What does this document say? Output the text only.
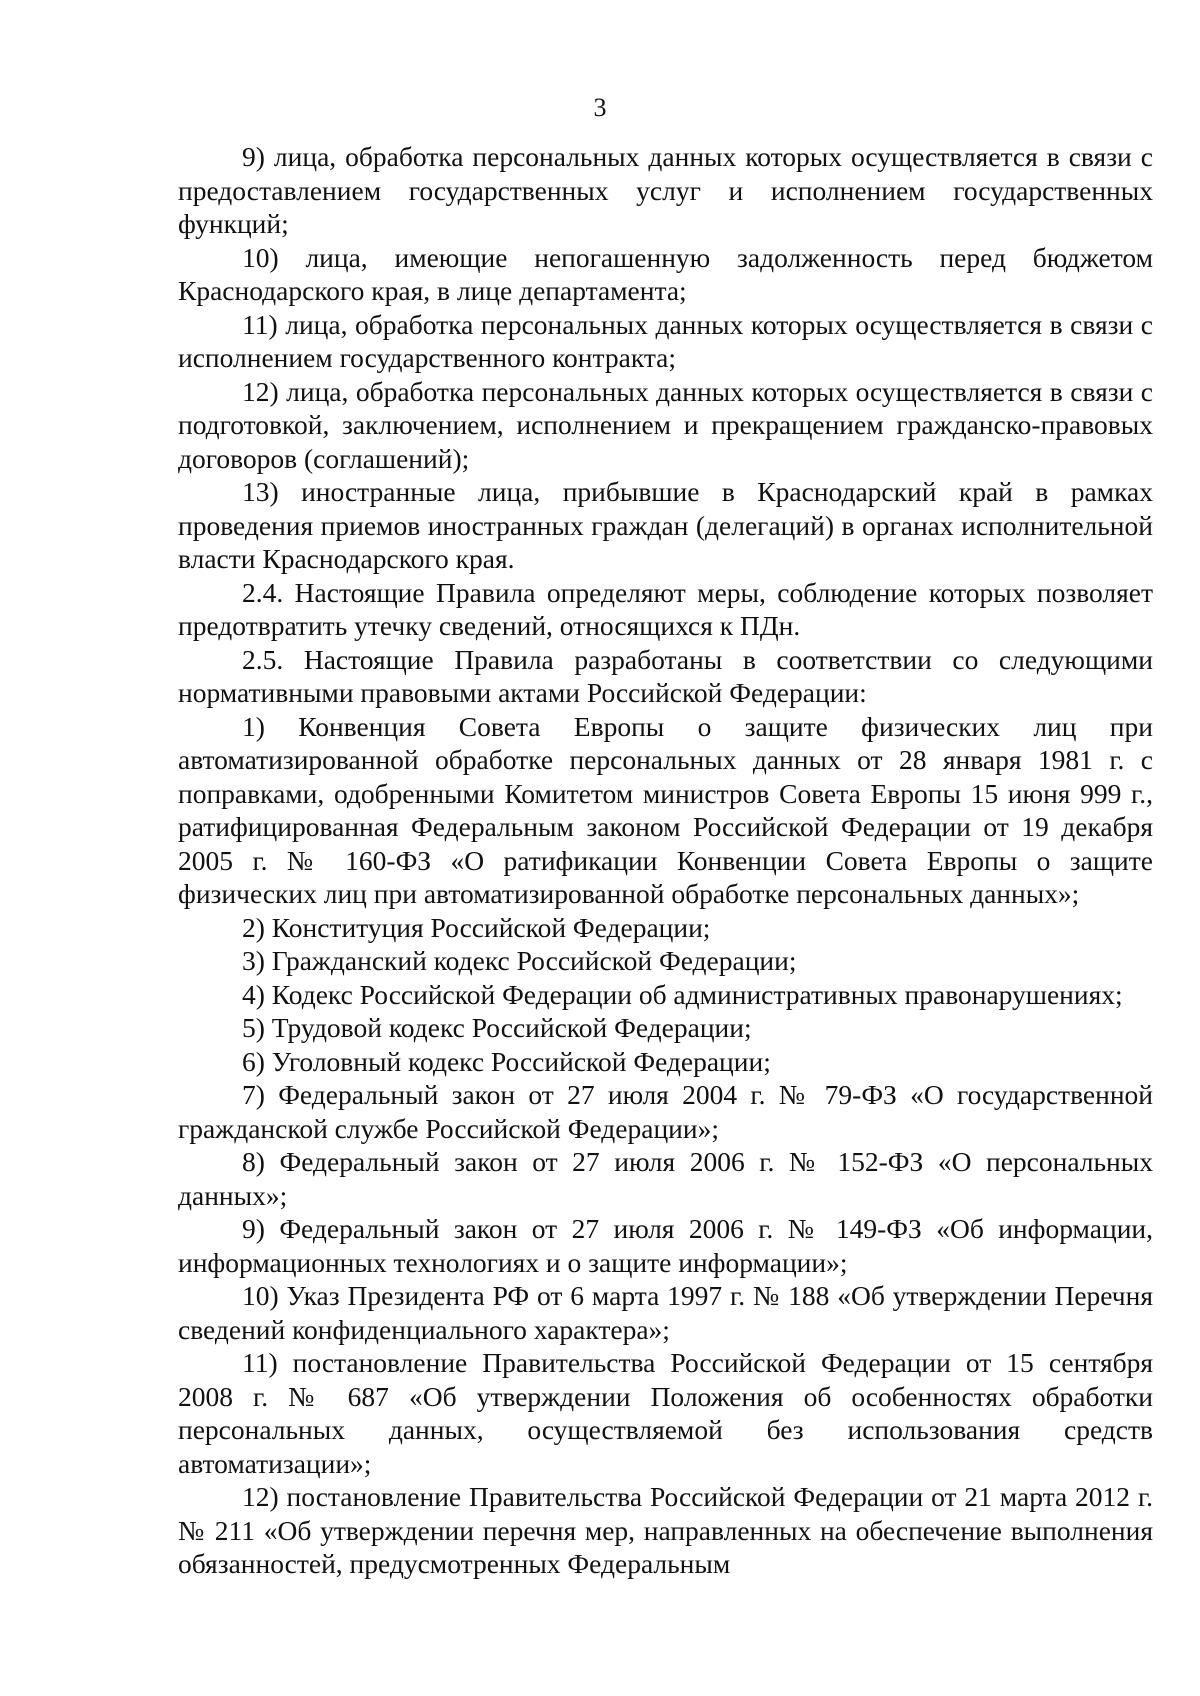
3

9) лица, обработка персональных данных которых осуществляется в связи с предоставлением государственных услуг и исполнением государственных функций;

10) лица, имеющие непогашенную задолженность перед бюджетом Краснодарского края, в лице департамента;

11) лица, обработка персональных данных которых осуществляется в связи с исполнением государственного контракта;

12) лица, обработка персональных данных которых осуществляется в связи с подготовкой, заключением, исполнением и прекращением гражданско-правовых договоров (соглашений);

13) иностранные лица, прибывшие в Краснодарский край в рамках проведения приемов иностранных граждан (делегаций) в органах исполнительной власти Краснодарского края.

2.4. Настоящие Правила определяют меры, соблюдение которых позволяет предотвратить утечку сведений, относящихся к ПДн.

2.5. Настоящие Правила разработаны в соответствии со следующими нормативными правовыми актами Российской Федерации:

1) Конвенция Совета Европы о защите физических лиц при автоматизированной обработке персональных данных от 28 января 1981 г. с поправками, одобренными Комитетом министров Совета Европы 15 июня 999 г., ратифицированная Федеральным законом Российской Федерации от 19 декабря 2005 г. № 160-ФЗ «О ратификации Конвенции Совета Европы о защите физических лиц при автоматизированной обработке персональных данных»;

2) Конституция Российской Федерации;

3) Гражданский кодекс Российской Федерации;

4) Кодекс Российской Федерации об административных правонарушениях;

5) Трудовой кодекс Российской Федерации;

6) Уголовный кодекс Российской Федерации;

7) Федеральный закон от 27 июля 2004 г. № 79-ФЗ «О государственной гражданской службе Российской Федерации»;

8) Федеральный закон от 27 июля 2006 г. № 152-ФЗ «О персональных данных»;

9) Федеральный закон от 27 июля 2006 г. № 149-ФЗ «Об информации, информационных технологиях и о защите информации»;

10) Указ Президента РФ от 6 марта 1997 г. № 188 «Об утверждении Перечня сведений конфиденциального характера»;

11) постановление Правительства Российской Федерации от 15 сентября 2008 г. № 687 «Об утверждении Положения об особенностях обработки персональных данных, осуществляемой без использования средств автоматизации»;

12) постановление Правительства Российской Федерации от 21 марта 2012 г. № 211 «Об утверждении перечня мер, направленных на обеспечение выполнения обязанностей, предусмотренных Федеральным
